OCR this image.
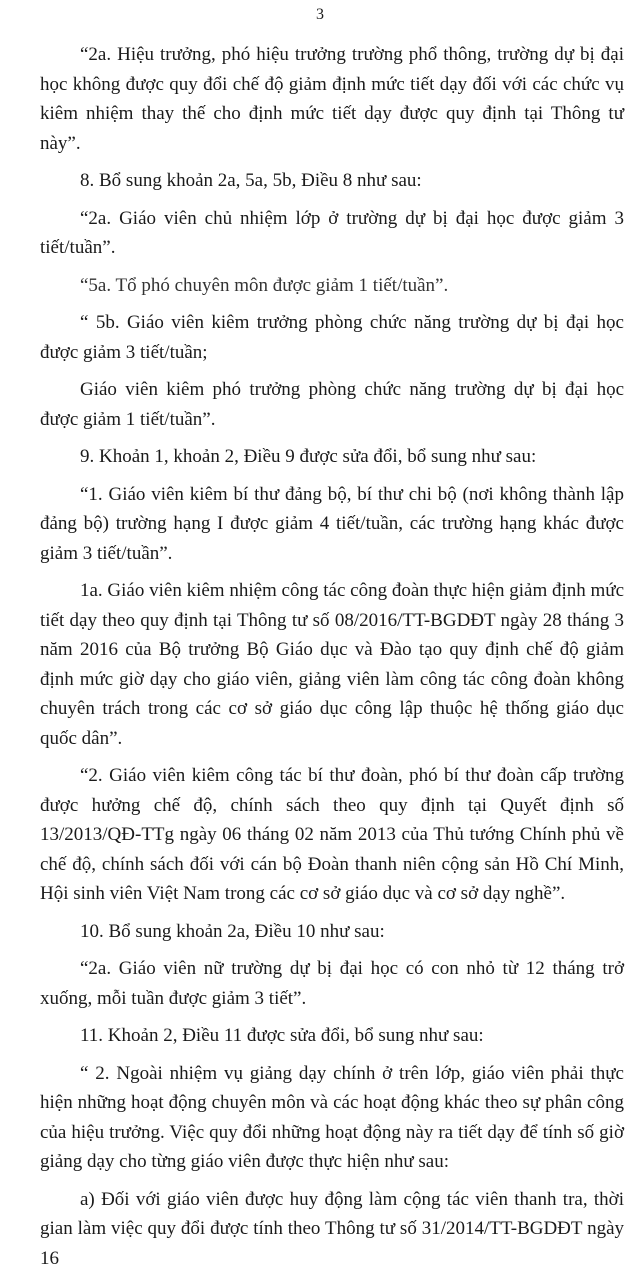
3

“2a. Hiệu trưởng, phó hiệu trưởng trường phổ thông, trường dự bị đại học không được quy đổi chế độ giảm định mức tiết dạy đối với các chức vụ kiêm nhiệm thay thế cho định mức tiết dạy được quy định tại Thông tư này”.

8. Bổ sung khoản 2a, 5a, 5b, Điều 8 như sau:

“2a. Giáo viên chủ nhiệm lớp ở trường dự bị đại học được giảm 3 tiết/tuần”.

“5a. Tổ phó chuyên môn được giảm 1 tiết/tuần”.

“ 5b. Giáo viên kiêm trưởng phòng chức năng trường dự bị đại học được giảm 3 tiết/tuần;

Giáo viên kiêm phó trưởng phòng chức năng trường dự bị đại học được giảm 1 tiết/tuần”.

9. Khoản 1, khoản 2, Điều 9 được sửa đổi, bổ sung như sau:

“1. Giáo viên kiêm bí thư đảng bộ, bí thư chi bộ (nơi không thành lập đảng bộ) trường hạng I được giảm 4 tiết/tuần, các trường hạng khác được giảm 3 tiết/tuần”.

1a. Giáo viên kiêm nhiệm công tác công đoàn thực hiện giảm định mức tiết dạy theo quy định tại Thông tư số 08/2016/TT-BGDĐT ngày 28 tháng 3 năm 2016 của Bộ trưởng Bộ Giáo dục và Đào tạo quy định chế độ giảm định mức giờ dạy cho giáo viên, giảng viên làm công tác công đoàn không chuyên trách trong các cơ sở giáo dục công lập thuộc hệ thống giáo dục quốc dân”.

“2. Giáo viên kiêm công tác bí thư đoàn, phó bí thư đoàn cấp trường được hưởng chế độ, chính sách theo quy định tại Quyết định số 13/2013/QĐ-TTg ngày 06 tháng 02 năm 2013 của Thủ tướng Chính phủ về chế độ, chính sách đối với cán bộ Đoàn thanh niên cộng sản Hồ Chí Minh, Hội sinh viên Việt Nam trong các cơ sở giáo dục và cơ sở dạy nghề”.

10. Bổ sung khoản 2a, Điều 10 như sau:

“2a. Giáo viên nữ trường dự bị đại học có con nhỏ từ 12 tháng trở xuống, mỗi tuần được giảm 3 tiết”.

11. Khoản 2, Điều 11 được sửa đổi, bổ sung như sau:

“ 2. Ngoài nhiệm vụ giảng dạy chính ở trên lớp, giáo viên phải thực hiện những hoạt động chuyên môn và các hoạt động khác theo sự phân công của hiệu trưởng. Việc quy đổi những hoạt động này ra tiết dạy để tính số giờ giảng dạy cho từng giáo viên được thực hiện như sau:

a) Đối với giáo viên được huy động làm cộng tác viên thanh tra, thời gian làm việc quy đổi được tính theo Thông tư số 31/2014/TT-BGDĐT ngày 16
